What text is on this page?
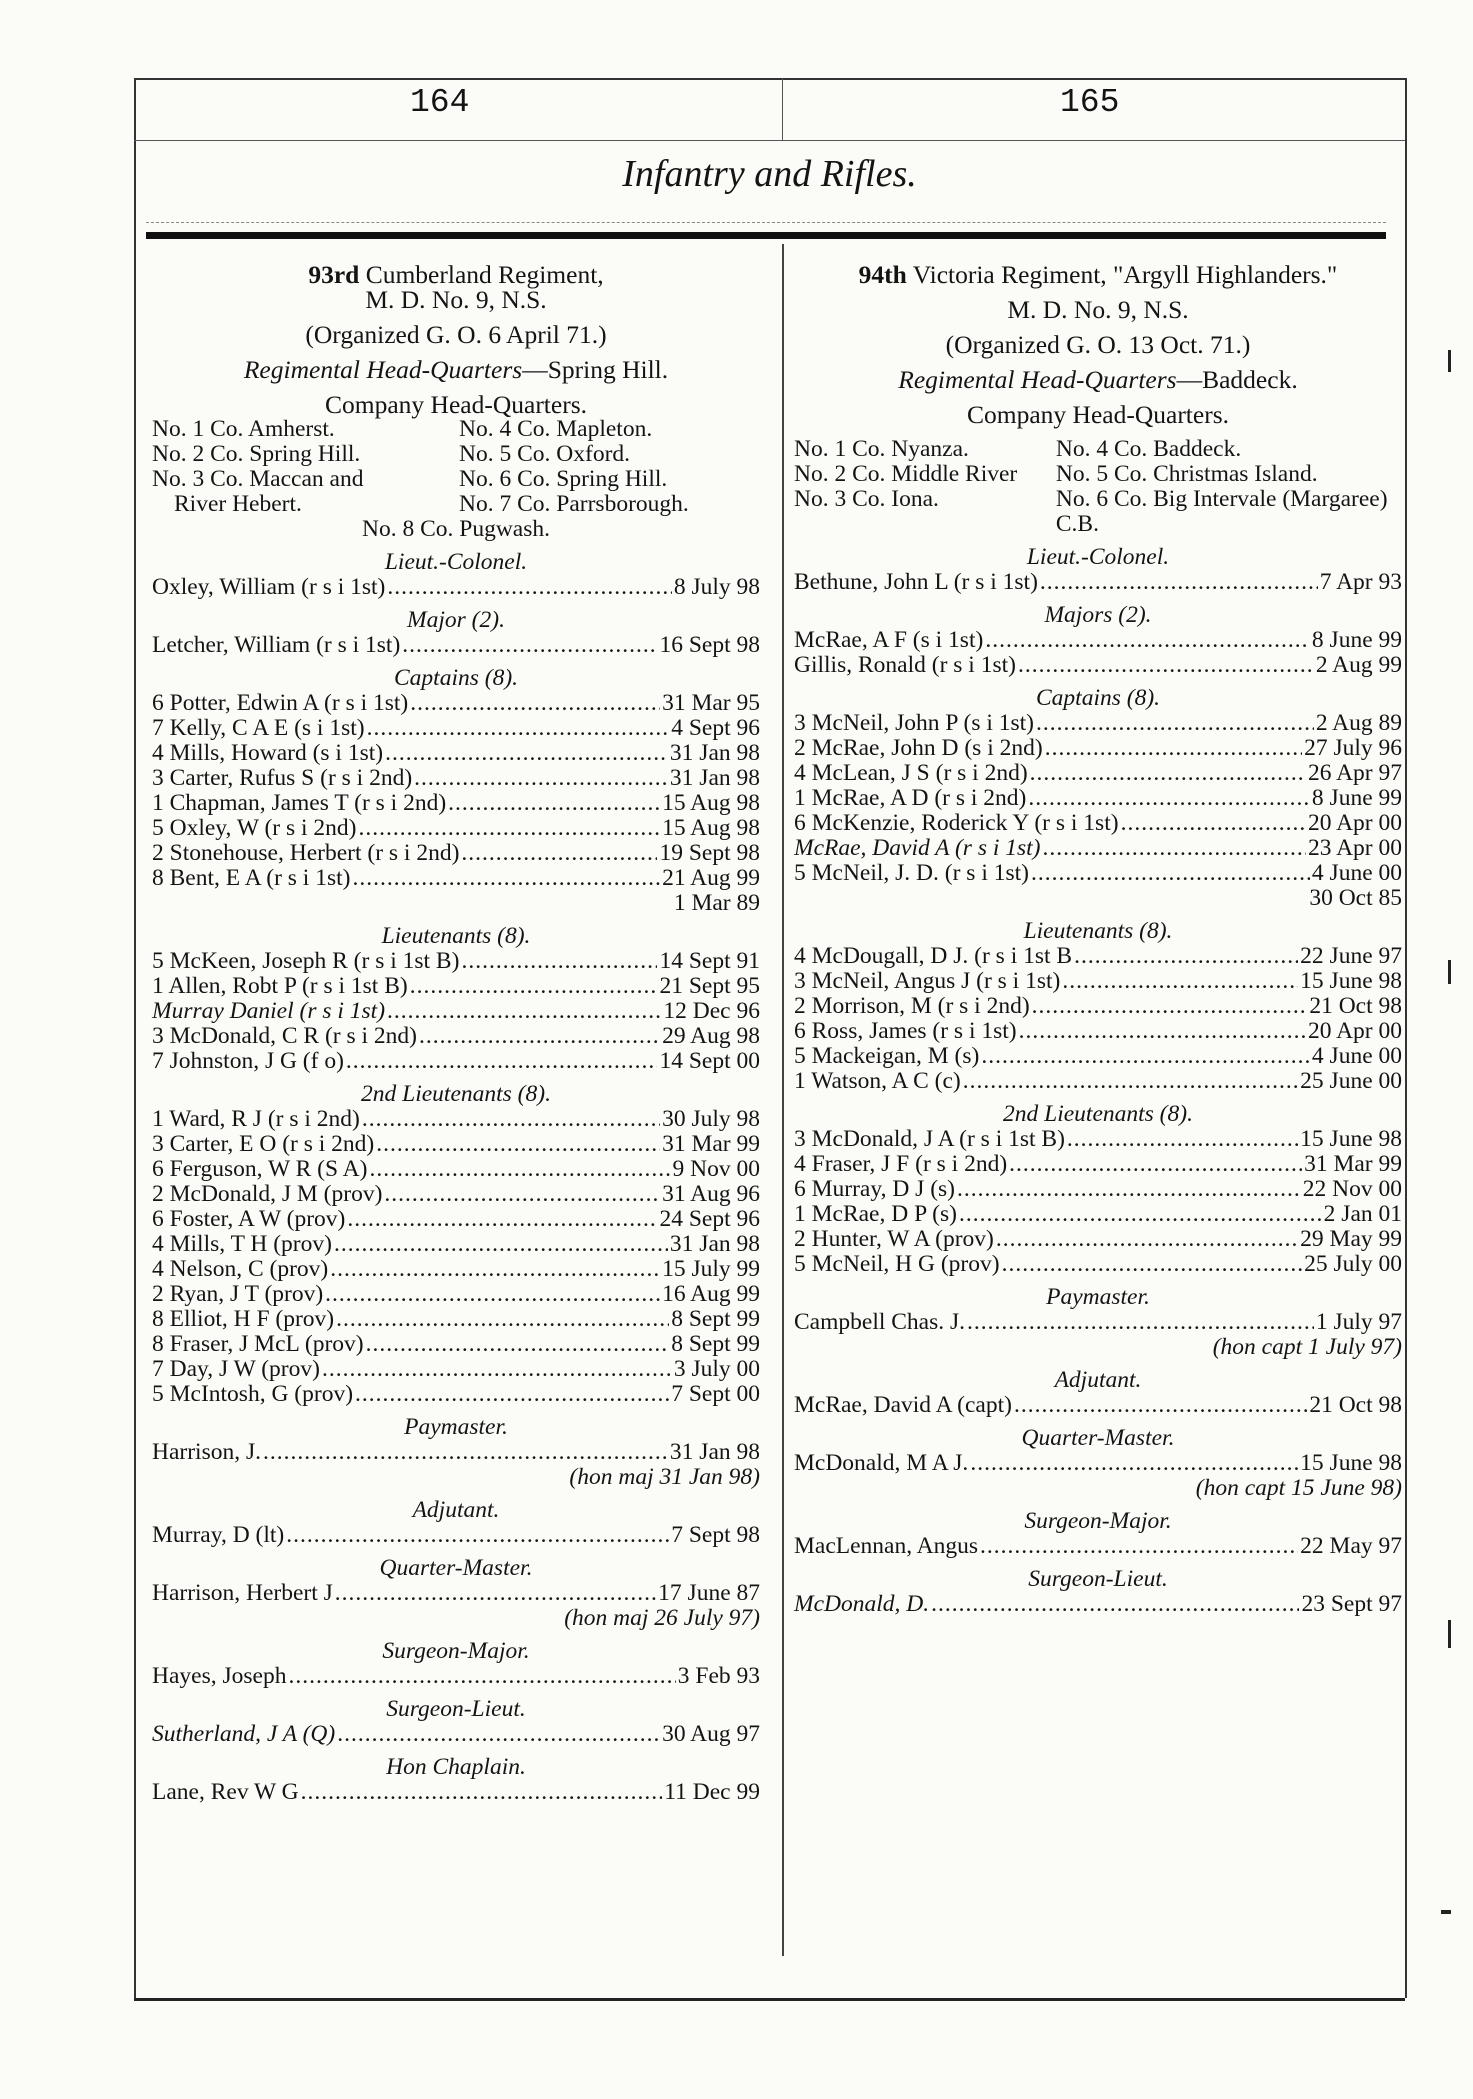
164	165
Infantry and Rifles.
93rd Cumberland Regiment,
M. D. No. 9, N.S.
(Organized G. O. 6 April 71.)
Regimental Head-Quarters—Spring Hill.
Company Head-Quarters.
No. 1 Co. Amherst.	No. 4 Co. Mapleton.
No. 2 Co. Spring Hill.	No. 5 Co. Oxford.
No. 3 Co. Maccan and	No. 6 Co. Spring Hill.
River Hebert.	No. 7 Co. Parrsborough.
No. 8 Co. Pugwash.
Lieut.-Colonel.
Oxley, William (r s i 1st) .....	8 July 98
Major (2).
Letcher, William (r s i 1st) .....	16 Sept 98
Captains (8).
6 Potter, Edwin A (r s i 1st) .....	31 Mar 95
7 Kelly, C A E (s i 1st) .....	4 Sept 96
4 Mills, Howard (s i 1st) .....	31 Jan 98
3 Carter, Rufus S (r s i 2nd) .....	31 Jan 98
1 Chapman, James T (r s i 2nd) .....	15 Aug 98
5 Oxley, W (r s i 2nd) .....	15 Aug 98
2 Stonehouse, Herbert (r s i 2nd) .....	19 Sept 98
8 Bent, E A (r s i 1st) .....	21 Aug 99
1 Mar 89
Lieutenants (8).
5 McKeen, Joseph R (r s i 1st B) .....	14 Sept 91
1 Allen, Robt P (r s i 1st B) .....	21 Sept 95
Murray Daniel (r s i 1st) .....	12 Dec 96
3 McDonald, C R (r s i 2nd) .....	29 Aug 98
7 Johnston, J G (f o) .....	14 Sept 00
2nd Lieutenants (8).
1 Ward, R J (r s i 2nd) .....	30 July 98
3 Carter, E O (r s i 2nd) .....	31 Mar 99
6 Ferguson, W R (S A) .....	9 Nov 00
2 McDonald, J M (prov) .....	31 Aug 96
6 Foster, A W (prov) .....	24 Sept 96
4 Mills, T H (prov) .....	31 Jan 98
4 Nelson, C (prov) .....	15 July 99
2 Ryan, J T (prov) .....	16 Aug 99
8 Elliot, H F (prov) .....	8 Sept 99
8 Fraser, J McL (prov) .....	8 Sept 99
7 Day, J W (prov) .....	3 July 00
5 McIntosh, G (prov) .....	7 Sept 00
Paymaster.
Harrison, J. .....	31 Jan 98
(hon maj 31 Jan 98)
Adjutant.
Murray, D (lt) .....	7 Sept 98
Quarter-Master.
Harrison, Herbert J .....	17 June 87
(hon maj 26 July 97)
Surgeon-Major.
Hayes, Joseph .....	3 Feb 93
Surgeon-Lieut.
Sutherland, J A (Q) .....	30 Aug 97
Hon Chaplain.
Lane, Rev W G .....	11 Dec 99
94th Victoria Regiment, "Argyll Highlanders."
M. D. No. 9, N.S.
(Organized G. O. 13 Oct. 71.)
Regimental Head-Quarters—Baddeck.
Company Head-Quarters.
No. 1 Co. Nyanza.	No. 4 Co. Baddeck.
No. 2 Co. Middle River	No. 5 Co. Christmas Island.
No. 3 Co. Iona.	No. 6 Co. Big Intervale (Margaree) C.B.
Lieut.-Colonel.
Bethune, John L (r s i 1st) .....	7 Apr 93
Majors (2).
McRae, A F (s i 1st) .....	8 June 99
Gillis, Ronald (r s i 1st) .....	2 Aug 99
Captains (8).
3 McNeil, John P (s i 1st) .....	2 Aug 89
2 McRae, John D (s i 2nd) .....	27 July 96
4 McLean, J S (r s i 2nd) .....	26 Apr 97
1 McRae, A D (r s i 2nd) .....	8 June 99
6 McKenzie, Roderick Y (r s i 1st) .....	20 Apr 00
McRae, David A (r s i 1st) .....	23 Apr 00
5 McNeil, J. D. (r s i 1st) .....	4 June 00
30 Oct 85
Lieutenants (8).
4 McDougall, D J. (r s i 1st B .....	22 June 97
3 McNeil, Angus J (r s i 1st) .....	15 June 98
2 Morrison, M (r s i 2nd) .....	21 Oct 98
6 Ross, James (r s i 1st) .....	20 Apr 00
5 Mackeigan, M (s) .....	4 June 00
1 Watson, A C (c) .....	25 June 00
2nd Lieutenants (8).
3 McDonald, J A (r s i 1st B) .....	15 June 98
4 Fraser, J F (r s i 2nd) .....	31 Mar 99
6 Murray, D J (s) .....	22 Nov 00
1 McRae, D P (s) .....	2 Jan 01
2 Hunter, W A (prov) .....	29 May 99
5 McNeil, H G (prov) .....	25 July 00
Paymaster.
Campbell Chas. J. .....	1 July 97
(hon capt 1 July 97)
Adjutant.
McRae, David A (capt) .....	21 Oct 98
Quarter-Master.
McDonald, M A J. .....	15 June 98
(hon capt 15 June 98)
Surgeon-Major.
MacLennan, Angus .....	22 May 97
Surgeon-Lieut.
McDonald, D. .....	23 Sept 97
